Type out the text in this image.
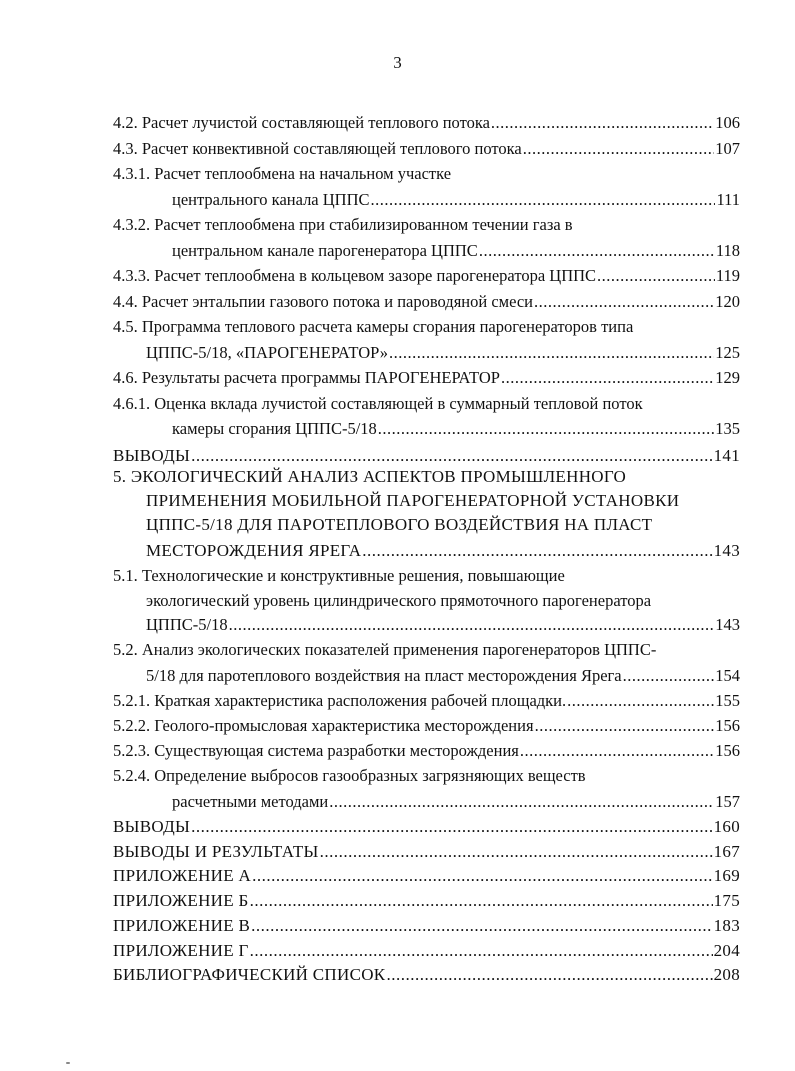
3
4.2. Расчет лучистой составляющей теплового потока .....	106
4.3. Расчет конвективной составляющей теплового потока .....	107
4.3.1. Расчет теплообмена на начальном участке
центрального канала ЦППС .....	111
4.3.2. Расчет теплообмена при стабилизированном течении газа в
центральном канале парогенератора ЦППС .....	118
4.3.3. Расчет теплообмена в кольцевом зазоре парогенератора ЦППС .....	119
4.4. Расчет энтальпии газового потока и пароводяной смеси .....	120
4.5. Программа теплового расчета камеры сгорания парогенераторов типа
ЦППС-5/18, «ПАРОГЕНЕРАТОР» .....	125
4.6. Результаты расчета программы ПАРОГЕНЕРАТОР .....	129
4.6.1. Оценка вклада лучистой составляющей в суммарный тепловой поток
камеры сгорания ЦППС-5/18 .....	135
ВЫВОДЫ .....	141
5. ЭКОЛОГИЧЕСКИЙ АНАЛИЗ АСПЕКТОВ ПРОМЫШЛЕННОГО
ПРИМЕНЕНИЯ МОБИЛЬНОЙ ПАРОГЕНЕРАТОРНОЙ УСТАНОВКИ
ЦППС-5/18 ДЛЯ ПАРОТЕПЛОВОГО ВОЗДЕЙСТВИЯ НА ПЛАСТ
МЕСТОРОЖДЕНИЯ ЯРЕГА .....	143
5.1. Технологические и конструктивные решения, повышающие
экологический уровень цилиндрического прямоточного парогенератора
ЦППС-5/18 .....	143
5.2. Анализ экологических показателей применения парогенераторов ЦППС-
5/18 для паротеплового воздействия на пласт месторождения Ярега .....	154
5.2.1. Краткая характеристика расположения рабочей площадки. .....	155
5.2.2. Геолого-промысловая характеристика месторождения .....	156
5.2.3. Существующая система разработки месторождения .....	156
5.2.4. Определение выбросов газообразных загрязняющих веществ
расчетными методами .....	157
ВЫВОДЫ .....	160
ВЫВОДЫ И РЕЗУЛЬТАТЫ .....	167
ПРИЛОЖЕНИЕ А .....	169
ПРИЛОЖЕНИЕ Б .....	175
ПРИЛОЖЕНИЕ В .....	183
ПРИЛОЖЕНИЕ Г .....	204
БИБЛИОГРАФИЧЕСКИЙ СПИСОК .....	208
